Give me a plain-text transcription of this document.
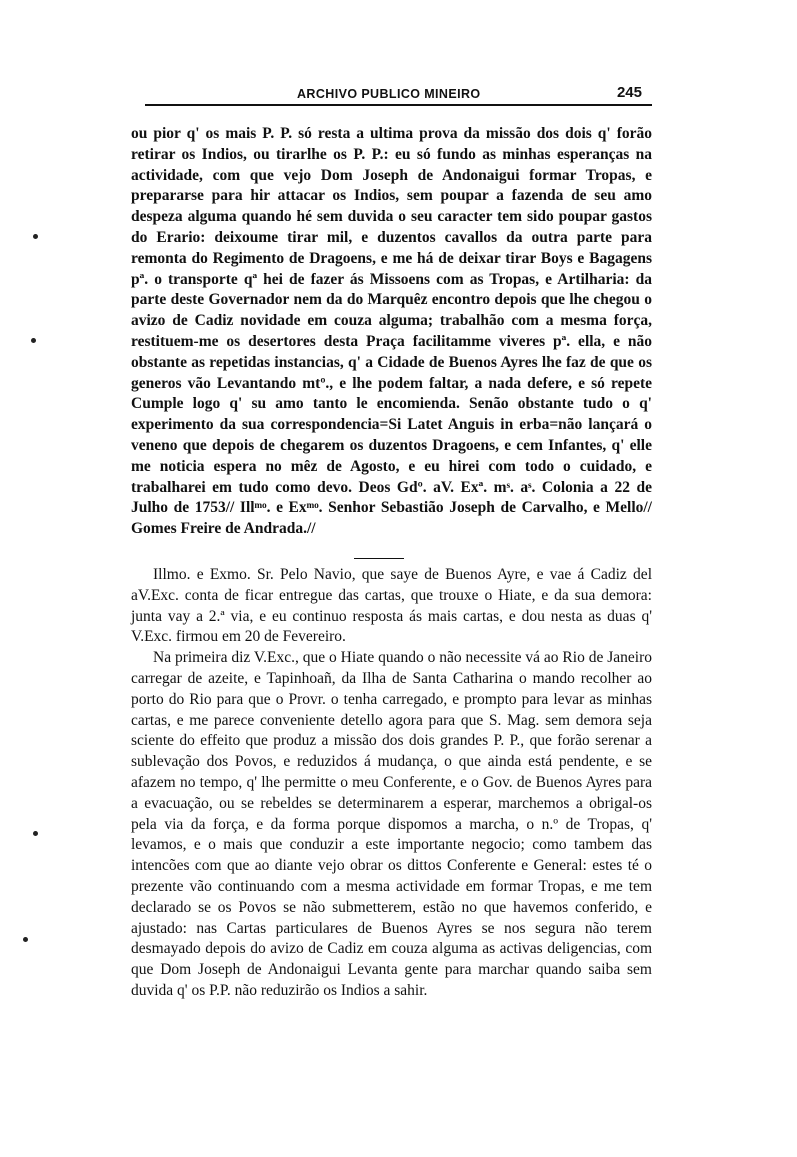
ARCHIVO PUBLICO MINEIRO	245

ou pior q' os mais P. P. só resta a ultima prova da missão dos dois q' forão retirar os Indios, ou tirarlhe os P. P.: eu só fundo as minhas esperanças na actividade, com que vejo Dom Joseph de Andonaigui formar Tropas, e prepararse para hir attacar os Indios, sem poupar a fazenda de seu amo despeza alguma quando hé sem duvida o seu caracter tem sido poupar gastos do Erario: deixoume tirar mil, e duzentos cavallos da outra parte para remonta do Regimento de Dragoens, e me há de deixar tirar Boys e Bagagens pª. o transporte qª hei de fazer ás Missoens com as Tropas, e Artilharia: da parte deste Governador nem da do Marquêz encontro depois que lhe chegou o avizo de Cadiz novidade em couza alguma; trabalhão com a mesma força, restituem-me os desertores desta Praça facilitamme viveres pª. ella, e não obstante as repetidas instancias, q' a Cidade de Buenos Ayres lhe faz de que os generos vão Levantando mtº., e lhe podem faltar, a nada defere, e só repete Cumple logo q' su amo tanto le encomienda. Senão obstante tudo o q' experimento da sua correspondencia=Si Latet Anguis in erba=não lançará o veneno que depois de chegarem os duzentos Dragoens, e cem Infantes, q' elle me noticia espera no mêz de Agosto, e eu hirei com todo o cuidado, e trabalharei em tudo como devo. Deos Gdº. aV. Exª. mˢ. aˢ. Colonia a 22 de Julho de 1753// Illᵐᵒ. e Exᵐᵒ. Senhor Sebastião Joseph de Carvalho, e Mello// Gomes Freire de Andrada.//

Illmo. e Exmo. Sr. Pelo Navio, que saye de Buenos Ayre, e vae á Cadiz del aV.Exc. conta de ficar entregue das cartas, que trouxe o Hiate, e da sua demora: junta vay a 2.ª via, e eu continuo resposta ás mais cartas, e dou nesta as duas q' V.Exc. firmou em 20 de Fevereiro.

Na primeira diz V.Exc., que o Hiate quando o não necessite vá ao Rio de Janeiro carregar de azeite, e Tapinhoañ, da Ilha de Santa Catharina o mando recolher ao porto do Rio para que o Provr. o tenha carregado, e prompto para levar as minhas cartas, e me parece conveniente detello agora para que S. Mag. sem demora seja sciente do effeito que produz a missão dos dois grandes P. P., que forão serenar a sublevação dos Povos, e reduzidos á mudança, o que ainda está pendente, e se afazem no tempo, q' lhe permitte o meu Conferente, e o Gov. de Buenos Ayres para a evacuação, ou se rebeldes se determinarem a esperar, marchemos a obrigal-os pela via da força, e da forma porque dispomos a marcha, o n.º de Tropas, q' levamos, e o mais que conduzir a este importante negocio; como tambem das intencões com que ao diante vejo obrar os dittos Conferente e General: estes té o prezente vão continuando com a mesma actividade em formar Tropas, e me tem declarado se os Povos se não submetterem, estão no que havemos conferido, e ajustado: nas Cartas particulares de Buenos Ayres se nos segura não terem desmayado depois do avizo de Cadiz em couza alguma as activas deligencias, com que Dom Joseph de Andonaigui Levanta gente para marchar quando saiba sem duvida q' os P.P. não reduzirão os Indios a sahir.
